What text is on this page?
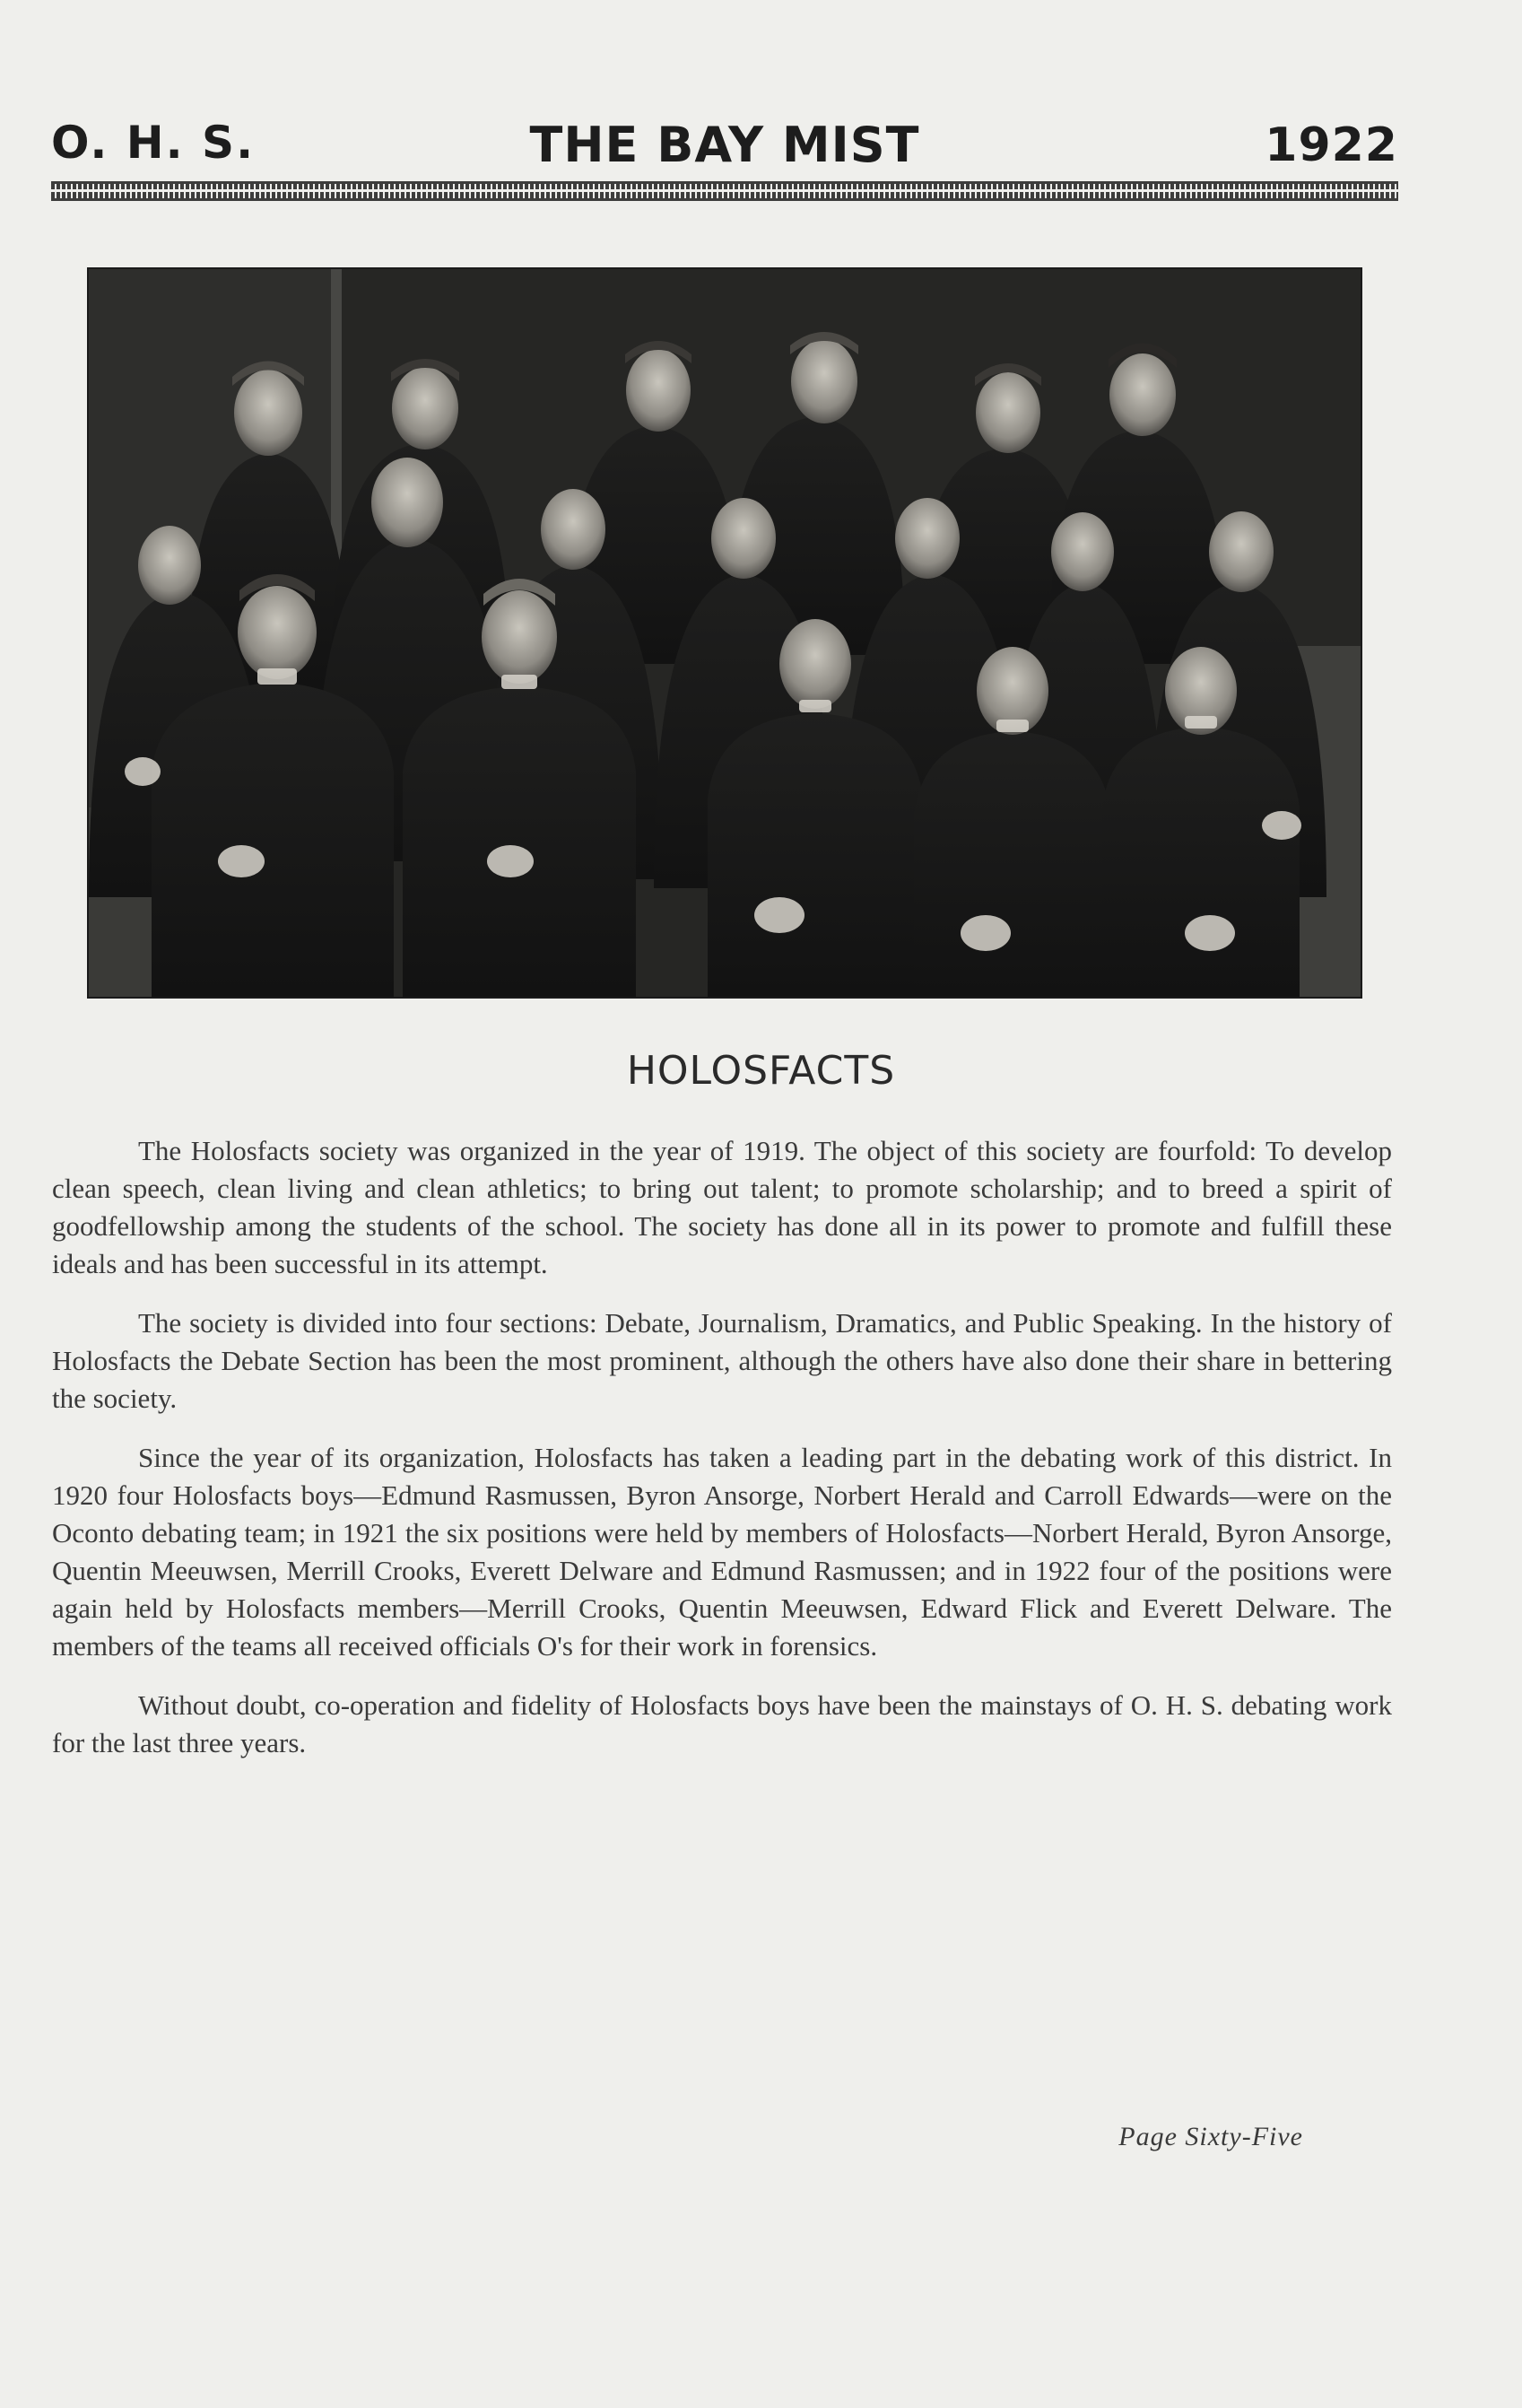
O. H. S.	THE BAY MIST	1922
HOLOSFACTS

The Holosfacts society was organized in the year of 1919. The object of this society are fourfold: To develop clean speech, clean living and clean athletics; to bring out talent; to promote scholarship; and to breed a spirit of goodfellowship among the students of the school. The society has done all in its power to promote and fulfill these ideals and has been successful in its attempt.

The society is divided into four sections: Debate, Journalism, Dramatics, and Public Speaking. In the history of Holosfacts the Debate Section has been the most prominent, although the others have also done their share in bettering the society.

Since the year of its organization, Holosfacts has taken a leading part in the debating work of this district. In 1920 four Holosfacts boys—Edmund Rasmussen, Byron Ansorge, Norbert Herald and Carroll Edwards—were on the Oconto debating team; in 1921 the six positions were held by members of Holosfacts—Norbert Herald, Byron Ansorge, Quentin Meeuwsen, Merrill Crooks, Everett Delware and Edmund Rasmussen; and in 1922 four of the positions were again held by Holosfacts members—Merrill Crooks, Quentin Meeuwsen, Edward Flick and Everett Delware. The members of the teams all received officials O's for their work in forensics.

Without doubt, co-operation and fidelity of Holosfacts boys have been the mainstays of O. H. S. debating work for the last three years.

Page Sixty-Five
